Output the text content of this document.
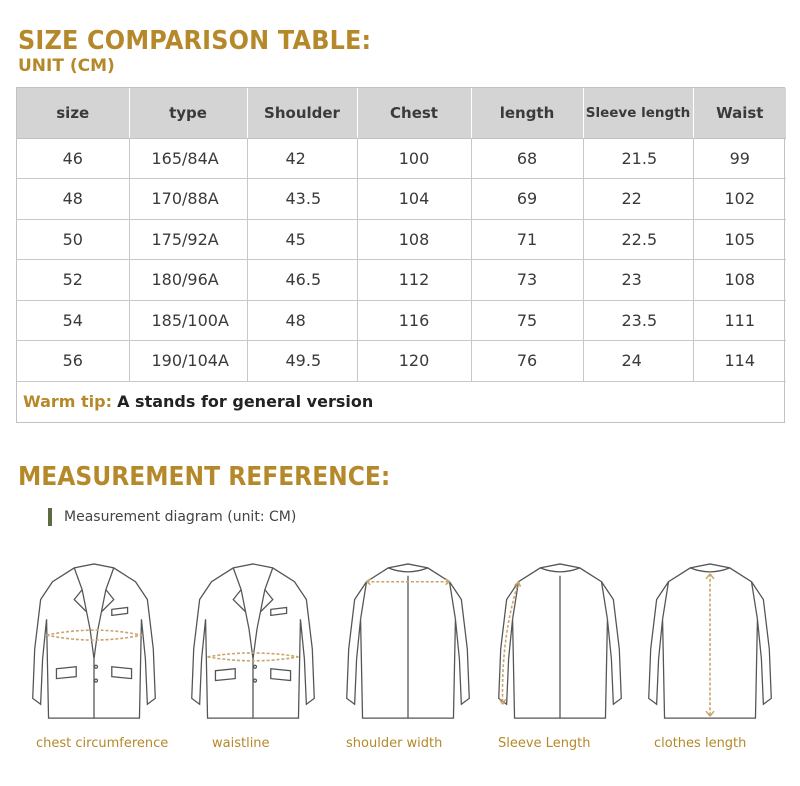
SIZE COMPARISON TABLE:
UNIT (CM)
size	type	Shoulder	Chest	length	Sleeve length	Waist
46	165/84A	42	100	68	21.5	99
48	170/88A	43.5	104	69	22	102
50	175/92A	45	108	71	22.5	105
52	180/96A	46.5	112	73	23	108
54	185/100A	48	116	75	23.5	111
56	190/104A	49.5	120	76	24	114
Warm tip: A stands for general version						
MEASUREMENT REFERENCE:
Measurement diagram (unit: CM)
chest circumference	waistline	shoulder width	Sleeve Length	clothes length
